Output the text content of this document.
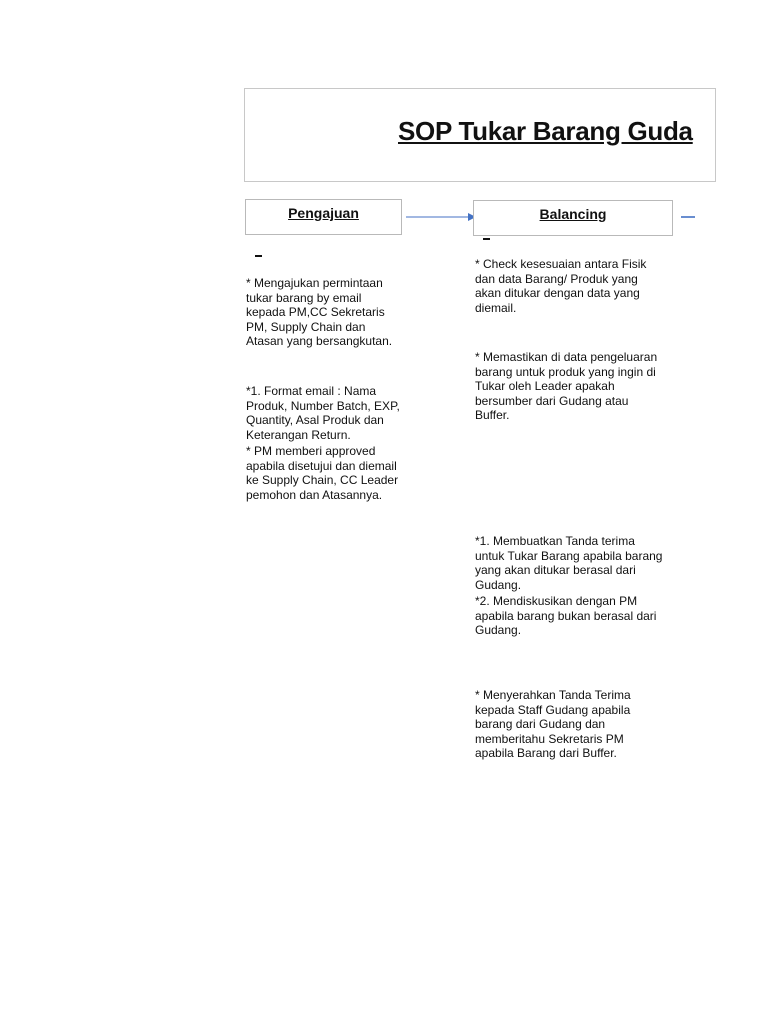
SOP Tukar Barang Guda
Pengajuan	Balancing
* Mengajukan permintaan
tukar barang by email
kepada PM,CC Sekretaris
PM, Supply Chain dan
Atasan yang bersangkutan.
*1. Format email : Nama
Produk, Number Batch, EXP,
Quantity, Asal Produk dan
Keterangan Return.
* PM memberi approved
apabila disetujui dan diemail
ke Supply Chain, CC Leader
pemohon dan Atasannya.
* Check kesesuaian antara Fisik
dan data Barang/ Produk yang
akan ditukar dengan data yang
diemail.
* Memastikan di data pengeluaran
barang untuk produk yang ingin di
Tukar oleh Leader apakah
bersumber dari Gudang atau
Buffer.
*1. Membuatkan Tanda terima
untuk Tukar Barang apabila barang
yang akan ditukar berasal dari
Gudang.
*2. Mendiskusikan dengan PM
apabila barang bukan berasal dari
Gudang.
* Menyerahkan Tanda Terima
kepada Staff Gudang apabila
barang dari Gudang dan
memberitahu Sekretaris PM
apabila Barang dari Buffer.
